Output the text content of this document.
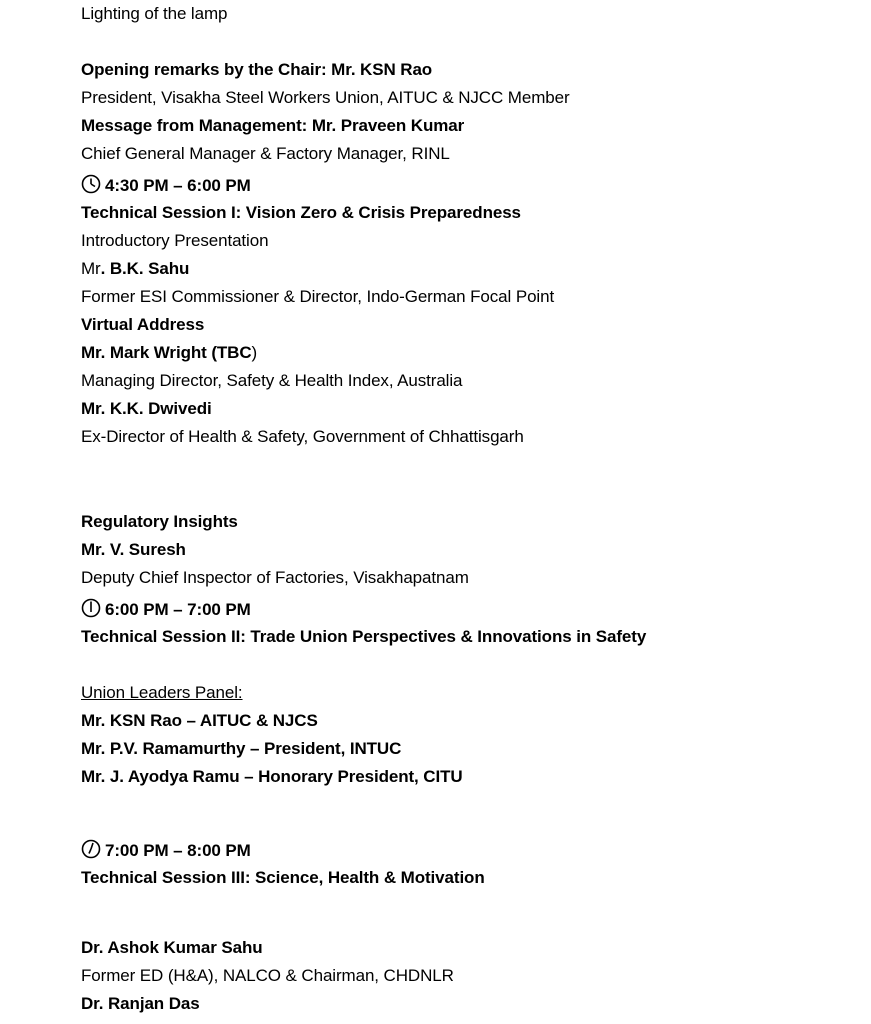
Lighting of the lamp
Opening remarks by the Chair: Mr. KSN Rao
President, Visakha Steel Workers Union, AITUC & NJCC Member
Message from Management: Mr. Praveen Kumar
Chief General Manager & Factory Manager, RINL
4:30 PM – 6:00 PM
Technical Session I: Vision Zero & Crisis Preparedness
Introductory Presentation
Mr. B.K. Sahu
Former ESI Commissioner & Director, Indo-German Focal Point
Virtual Address
Mr. Mark Wright (TBC)
Managing Director, Safety & Health Index, Australia
Mr. K.K. Dwivedi
Ex-Director of Health & Safety, Government of Chhattisgarh
Regulatory Insights
Mr. V. Suresh
Deputy Chief Inspector of Factories, Visakhapatnam
6:00 PM – 7:00 PM
Technical Session II: Trade Union Perspectives & Innovations in Safety
Union Leaders Panel:
Mr. KSN Rao – AITUC & NJCS
Mr. P.V. Ramamurthy – President, INTUC
Mr. J. Ayodya Ramu – Honorary President, CITU
7:00 PM – 8:00 PM
Technical Session III: Science, Health & Motivation
Dr. Ashok Kumar Sahu
Former ED (H&A), NALCO & Chairman, CHDNLR
Dr. Ranjan Das
